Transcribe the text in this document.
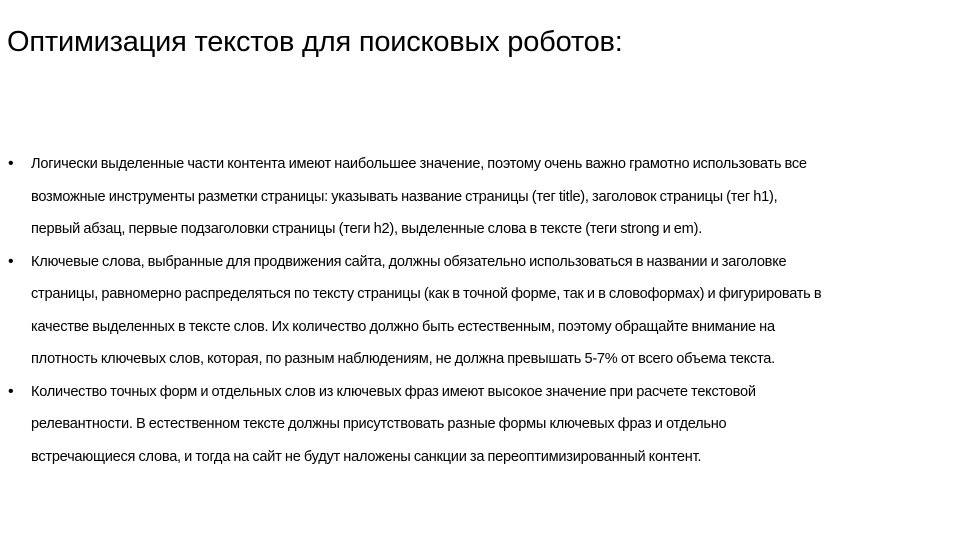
Оптимизация текстов для поисковых роботов:
• Логически выделенные части контента имеют наибольшее значение, поэтому очень важно грамотно использовать все
возможные инструменты разметки страницы: указывать название страницы (тег title), заголовок страницы (тег h1),
первый абзац, первые подзаголовки страницы (теги h2), выделенные слова в тексте (теги strong и em).
• Ключевые слова, выбранные для продвижения сайта, должны обязательно использоваться в названии и заголовке
страницы, равномерно распределяться по тексту страницы (как в точной форме, так и в словоформах) и фигурировать в
качестве выделенных в тексте слов. Их количество должно быть естественным, поэтому обращайте внимание на
плотность ключевых слов, которая, по разным наблюдениям, не должна превышать 5-7% от всего объема текста.
• Количество точных форм и отдельных слов из ключевых фраз имеют высокое значение при расчете текстовой
релевантности. В естественном тексте должны присутствовать разные формы ключевых фраз и отдельно
встречающиеся слова, и тогда на сайт не будут наложены санкции за переоптимизированный контент.
